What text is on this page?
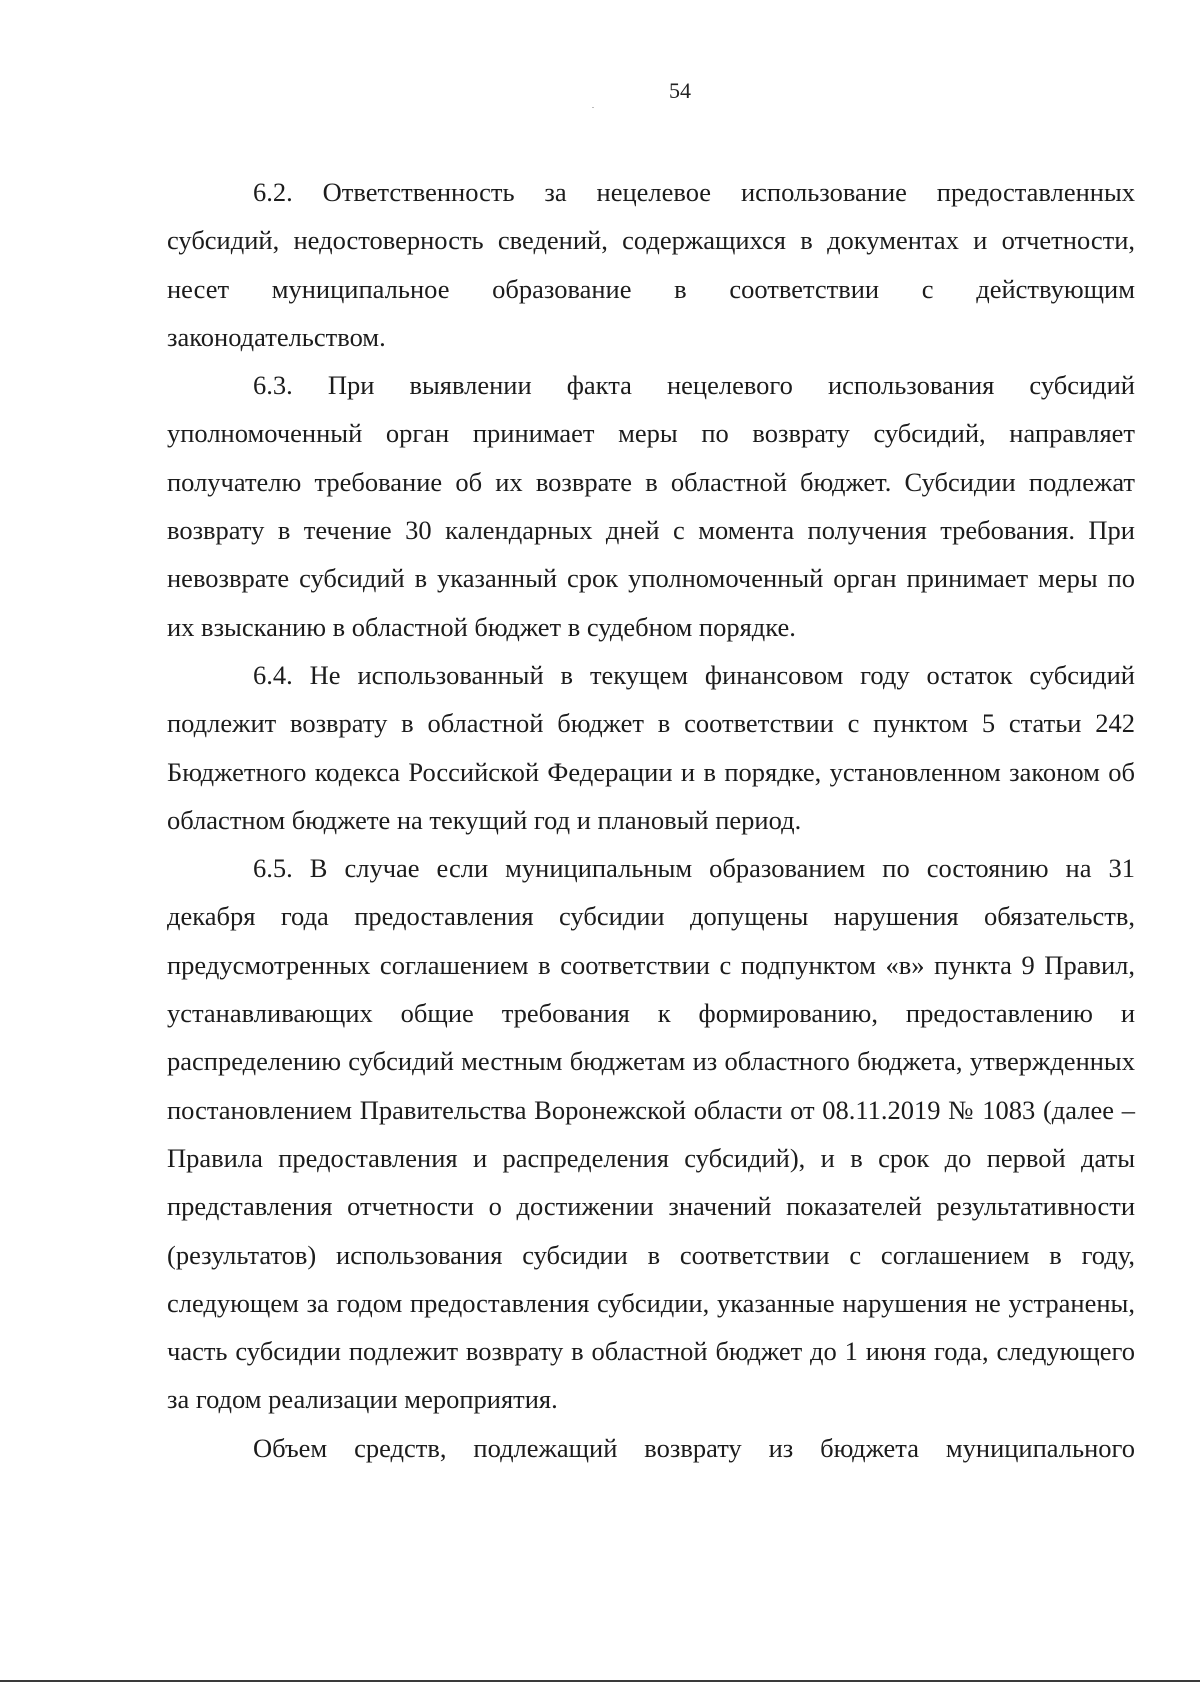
54

6.2. Ответственность за нецелевое использование предоставленных субсидий, недостоверность сведений, содержащихся в документах и отчетности, несет муниципальное образование в соответствии с действующим законодательством.

6.3. При выявлении факта нецелевого использования субсидий уполномоченный орган принимает меры по возврату субсидий, направляет получателю требование об их возврате в областной бюджет. Субсидии подлежат возврату в течение 30 календарных дней с момента получения требования. При невозврате субсидий в указанный срок уполномоченный орган принимает меры по их взысканию в областной бюджет в судебном порядке.

6.4. Не использованный в текущем финансовом году остаток субсидий подлежит возврату в областной бюджет в соответствии с пунктом 5 статьи 242 Бюджетного кодекса Российской Федерации и в порядке, установленном законом об областном бюджете на текущий год и плановый период.

6.5. В случае если муниципальным образованием по состоянию на 31 декабря года предоставления субсидии допущены нарушения обязательств, предусмотренных соглашением в соответствии с подпунктом «в» пункта 9 Правил, устанавливающих общие требования к формированию, предоставлению и распределению субсидий местным бюджетам из областного бюджета, утвержденных постановлением Правительства Воронежской области от 08.11.2019 № 1083 (далее – Правила предоставления и распределения субсидий), и в срок до первой даты представления отчетности о достижении значений показателей результативности (результатов) использования субсидии в соответствии с соглашением в году, следующем за годом предоставления субсидии, указанные нарушения не устранены, часть субсидии подлежит возврату в областной бюджет до 1 июня года, следующего за годом реализации мероприятия.

Объем средств, подлежащий возврату из бюджета муниципального
